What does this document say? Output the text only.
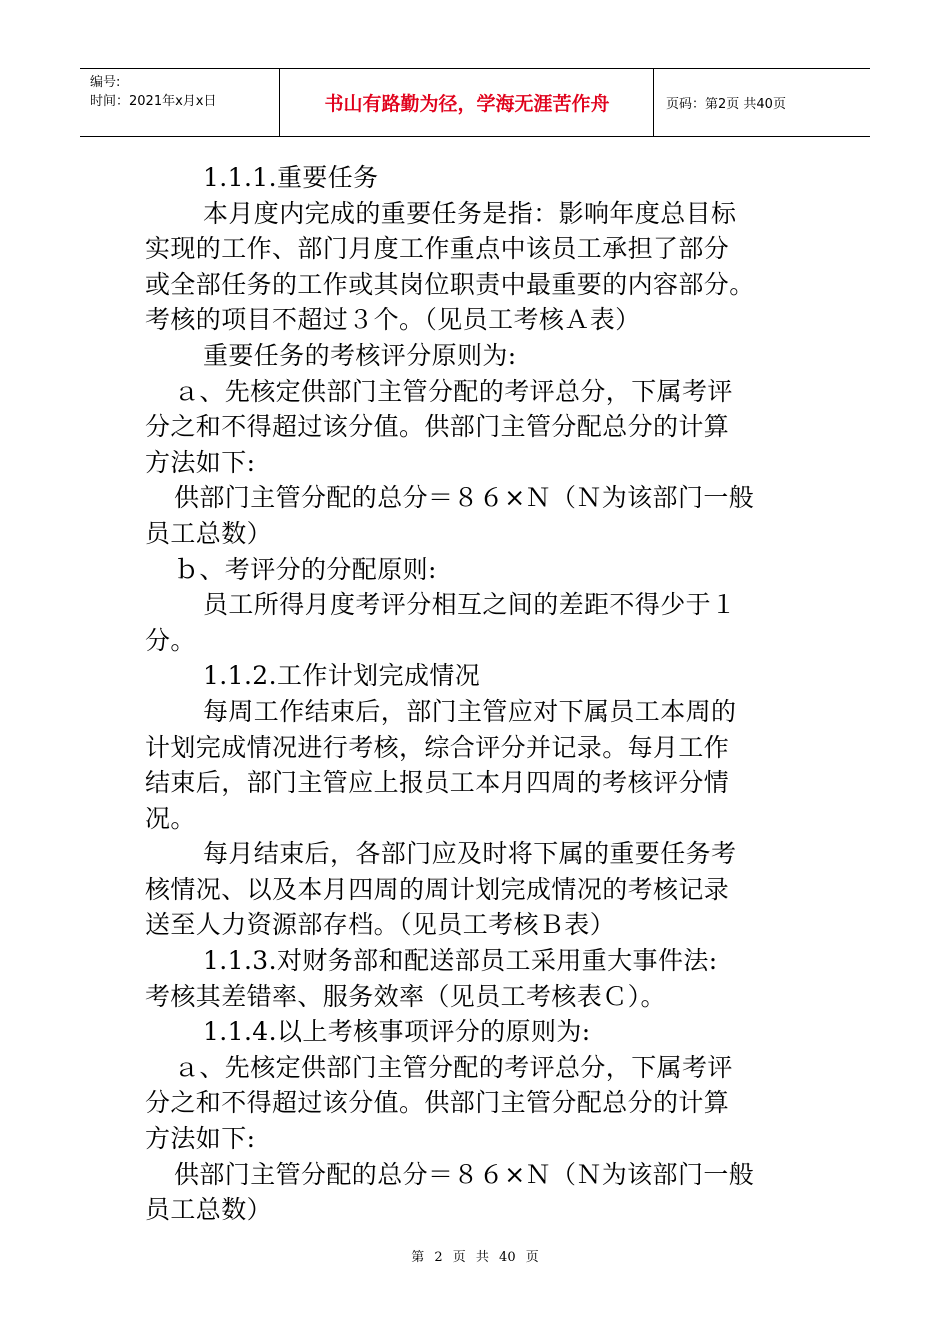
编号:
时间：2021年x月x日	书山有路勤为径，学海无涯苦作舟	页码：第2页 共40页

1.1.1.重要任务

本月度内完成的重要任务是指：影响年度总目标

实现的工作、部门月度工作重点中该员工承担了部分

或全部任务的工作或其岗位职责中最重要的内容部分。

考核的项目不超过３个。（见员工考核Ａ表）

重要任务的考核评分原则为:

ａ、先核定供部门主管分配的考评总分，下属考评

分之和不得超过该分值。供部门主管分配总分的计算

方法如下:

供部门主管分配的总分＝８６×Ｎ（Ｎ为该部门一般

员工总数）

ｂ、考评分的分配原则:

员工所得月度考评分相互之间的差距不得少于１

分。

1.1.2.工作计划完成情况

每周工作结束后，部门主管应对下属员工本周的

计划完成情况进行考核，综合评分并记录。每月工作

结束后，部门主管应上报员工本月四周的考核评分情

况。

每月结束后，各部门应及时将下属的重要任务考

核情况、以及本月四周的周计划完成情况的考核记录

送至人力资源部存档。（见员工考核Ｂ表）

1.1.3.对财务部和配送部员工采用重大事件法:

考核其差错率、服务效率（见员工考核表Ｃ）。

1.1.4.以上考核事项评分的原则为:

ａ、先核定供部门主管分配的考评总分，下属考评

分之和不得超过该分值。供部门主管分配总分的计算

方法如下:

供部门主管分配的总分＝８６×Ｎ（Ｎ为该部门一般

员工总数）

第 2 页 共 40 页
